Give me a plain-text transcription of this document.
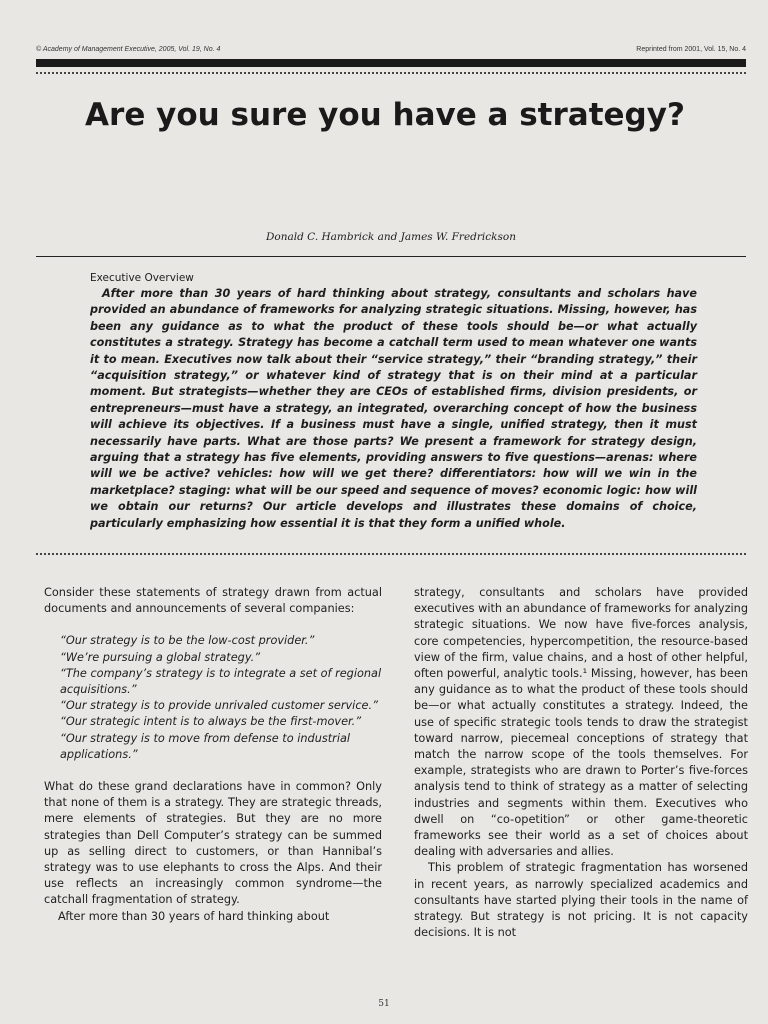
© Academy of Management Executive, 2005, Vol. 19, No. 4	Reprinted from 2001, Vol. 15, No. 4
Are you sure you have a strategy?
Donald C. Hambrick and James W. Fredrickson
Executive Overview
After more than 30 years of hard thinking about strategy, consultants and scholars have provided an abundance of frameworks for analyzing strategic situations. Missing, however, has been any guidance as to what the product of these tools should be—or what actually constitutes a strategy. Strategy has become a catchall term used to mean whatever one wants it to mean. Executives now talk about their “service strategy,” their “branding strategy,” their “acquisition strategy,” or whatever kind of strategy that is on their mind at a particular moment. But strategists—whether they are CEOs of established firms, division presidents, or entrepreneurs—must have a strategy, an integrated, overarching concept of how the business will achieve its objectives. If a business must have a single, unified strategy, then it must necessarily have parts. What are those parts? We present a framework for strategy design, arguing that a strategy has five elements, providing answers to five questions—arenas: where will we be active? vehicles: how will we get there? differentiators: how will we win in the marketplace? staging: what will be our speed and sequence of moves? economic logic: how will we obtain our returns? Our article develops and illustrates these domains of choice, particularly emphasizing how essential it is that they form a unified whole.

Consider these statements of strategy drawn from actual documents and announcements of several companies:

“Our strategy is to be the low-cost provider.”
“We’re pursuing a global strategy.”
“The company’s strategy is to integrate a set of regional acquisitions.”
“Our strategy is to provide unrivaled customer service.”
“Our strategic intent is to always be the first-mover.”
“Our strategy is to move from defense to industrial applications.”

What do these grand declarations have in common? Only that none of them is a strategy. They are strategic threads, mere elements of strategies. But they are no more strategies than Dell Computer’s strategy can be summed up as selling direct to customers, or than Hannibal’s strategy was to use elephants to cross the Alps. And their use reflects an increasingly common syndrome—the catchall fragmentation of strategy.

After more than 30 years of hard thinking about

strategy, consultants and scholars have provided executives with an abundance of frameworks for analyzing strategic situations. We now have five-forces analysis, core competencies, hypercompetition, the resource-based view of the firm, value chains, and a host of other helpful, often powerful, analytic tools.¹ Missing, however, has been any guidance as to what the product of these tools should be—or what actually constitutes a strategy. Indeed, the use of specific strategic tools tends to draw the strategist toward narrow, piecemeal conceptions of strategy that match the narrow scope of the tools themselves. For example, strategists who are drawn to Porter’s five-forces analysis tend to think of strategy as a matter of selecting industries and segments within them. Executives who dwell on “co-opetition” or other game-theoretic frameworks see their world as a set of choices about dealing with adversaries and allies.

This problem of strategic fragmentation has worsened in recent years, as narrowly specialized academics and consultants have started plying their tools in the name of strategy. But strategy is not pricing. It is not capacity decisions. It is not

51
